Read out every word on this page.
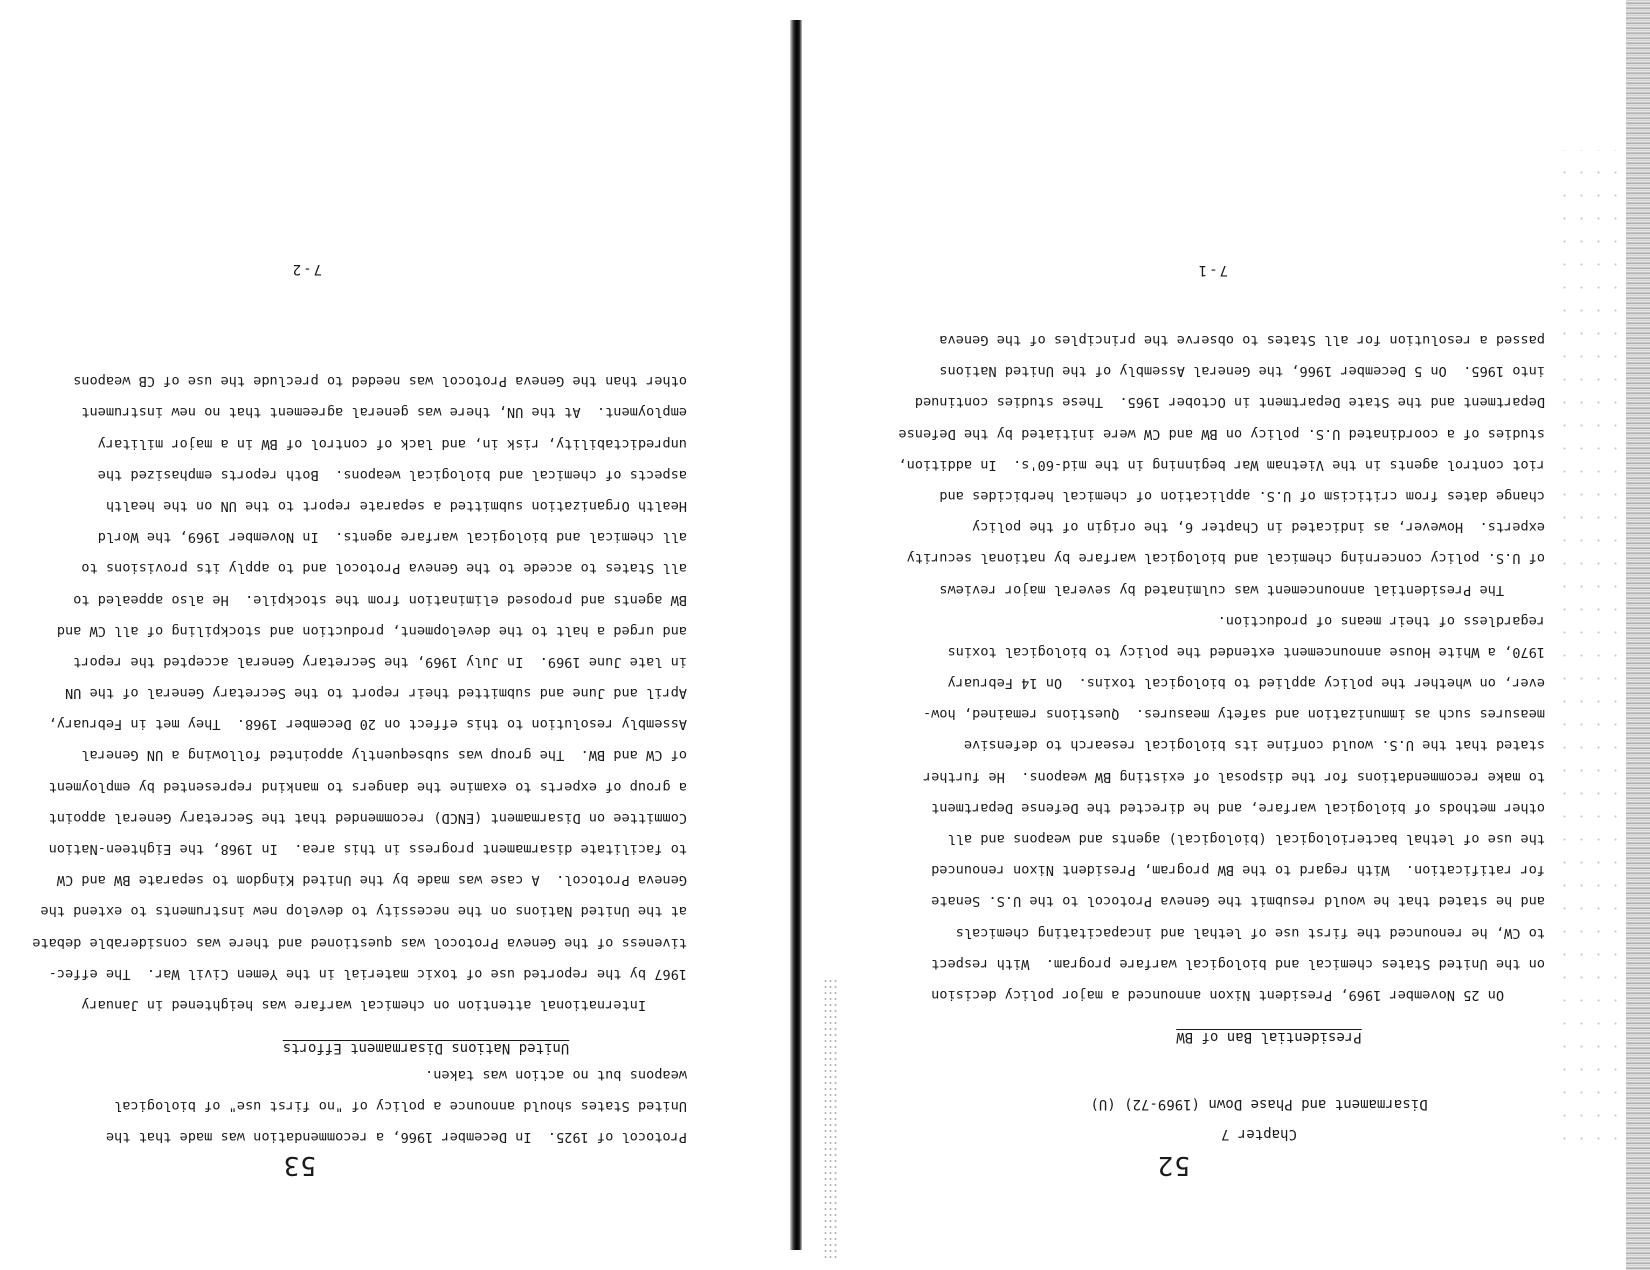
52
Chapter 7
Disarmament and Phase Down (1969-72) (U)
Presidential Ban of BW
On 25 November 1969, President Nixon announced a major policy decision
on the United States chemical and biological warfare program.  With respect
to CW, he renounced the first use of lethal and incapacitating chemicals
and he stated that he would resubmit the Geneva Protocol to the U.S. Senate
for ratification.  With regard to the BW program, President Nixon renounced
the use of lethal bacteriological (biological) agents and weapons and all
other methods of biological warfare, and he directed the Defense Department
to make recommendations for the disposal of existing BW weapons.  He further
stated that the U.S. would confine its biological research to defensive
measures such as immunization and safety measures.  Questions remained, how-
ever, on whether the policy applied to biological toxins.  On 14 February
1970, a White House announcement extended the policy to biological toxins
regardless of their means of production.
The Presidential announcement was culminated by several major reviews
of U.S. policy concerning chemical and biological warfare by national security
experts.  However, as indicated in Chapter 6, the origin of the policy
change dates from criticism of U.S. application of chemical herbicides and
riot control agents in the Vietnam War beginning in the mid-60's.  In addition,
studies of a coordinated U.S. policy on BW and CW were initiated by the Defense
Department and the State Department in October 1965.  These studies continued
into 1965.  On 5 December 1966, the General Assembly of the United Nations
passed a resolution for all States to observe the principles of the Geneva
7-1
53
Protocol of 1925.  In December 1966, a recommendation was made that the
United States should announce a policy of "no first use" of biological
weapons but no action was taken.
United Nations Disarmament Efforts
International attention on chemical warfare was heightened in January
1967 by the reported use of toxic material in the Yemen Civil War.  The effec-
tiveness of the Geneva Protocol was questioned and there was considerable debate
at the United Nations on the necessity to develop new instruments to extend the
Geneva Protocol.  A case was made by the United Kingdom to separate BW and CW
to facilitate disarmament progress in this area.  In 1968, the Eighteen-Nation
Committee on Disarmament (ENCD) recommended that the Secretary General appoint
a group of experts to examine the dangers to mankind represented by employment
of CW and BW.  The group was subsequently appointed following a UN General
Assembly resolution to this effect on 20 December 1968.  They met in February,
April and June and submitted their report to the Secretary General of the UN
in late June 1969.  In July 1969, the Secretary General accepted the report
and urged a halt to the development, production and stockpiling of all CW and
BW agents and proposed elimination from the stockpile.  He also appealed to
all States to accede to the Geneva Protocol and to apply its provisions to
all chemical and biological warfare agents.  In November 1969, the World
Health Organization submitted a separate report to the UN on the health
aspects of chemical and biological weapons.  Both reports emphasized the
unpredictability, risk in, and lack of control of BW in a major military
employment.  At the UN, there was general agreement that no new instrument
other than the Geneva Protocol was needed to preclude the use of CB weapons
7-2
